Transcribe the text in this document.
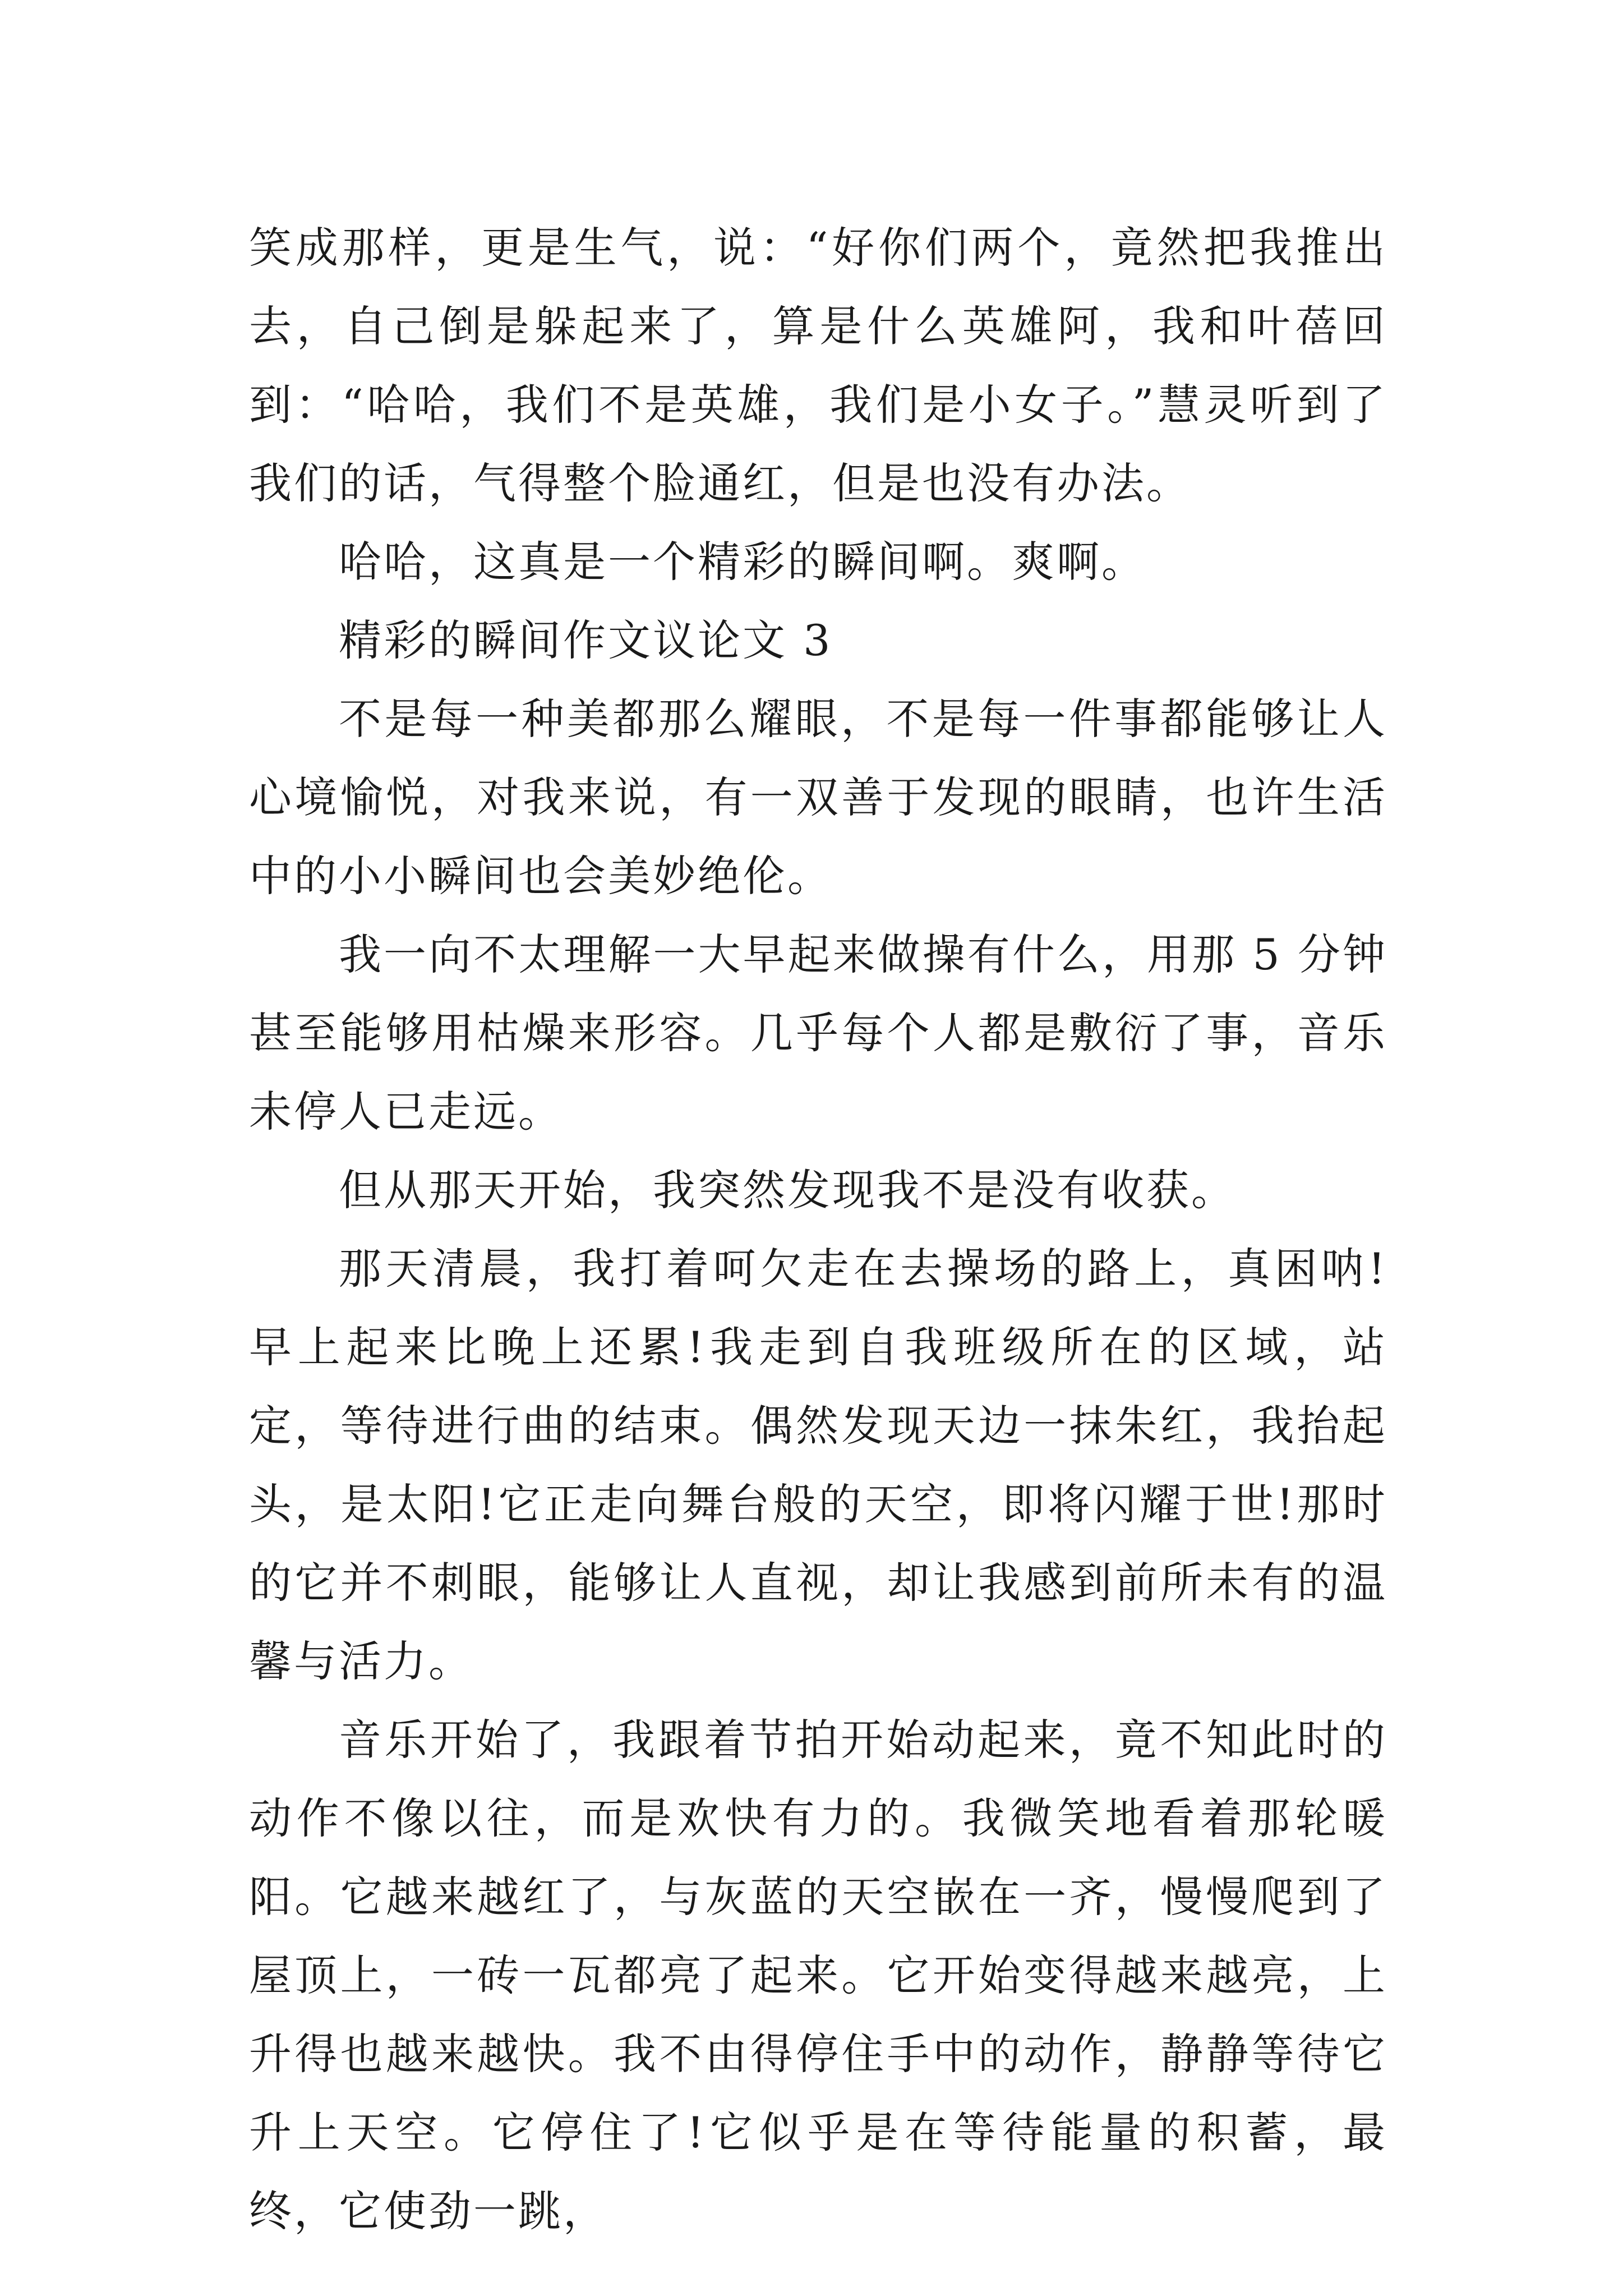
笑成那样，更是生气，说：“好你们两个，竟然把我推出去，自己倒是躲起来了，算是什么英雄阿，我和叶蓓回到：“哈哈，我们不是英雄，我们是小女子。”慧灵听到了我们的话，气得整个脸通红，但是也没有办法。

哈哈，这真是一个精彩的瞬间啊。爽啊。

精彩的瞬间作文议论文 3

不是每一种美都那么耀眼，不是每一件事都能够让人心境愉悦，对我来说，有一双善于发现的眼睛，也许生活中的小小瞬间也会美妙绝伦。

我一向不太理解一大早起来做操有什么，用那 5 分钟甚至能够用枯燥来形容。几乎每个人都是敷衍了事，音乐未停人已走远。

但从那天开始，我突然发现我不是没有收获。

那天清晨，我打着呵欠走在去操场的路上，真困呐!早上起来比晚上还累!我走到自我班级所在的区域，站定，等待进行曲的结束。偶然发现天边一抹朱红，我抬起头，是太阳!它正走向舞台般的天空，即将闪耀于世!那时的它并不刺眼，能够让人直视，却让我感到前所未有的温馨与活力。

音乐开始了，我跟着节拍开始动起来，竟不知此时的动作不像以往，而是欢快有力的。我微笑地看着那轮暖阳。它越来越红了，与灰蓝的天空嵌在一齐，慢慢爬到了屋顶上，一砖一瓦都亮了起来。它开始变得越来越亮，上升得也越来越快。我不由得停住手中的动作，静静等待它升上天空。它停住了!它似乎是在等待能量的积蓄，最终，它使劲一跳，
